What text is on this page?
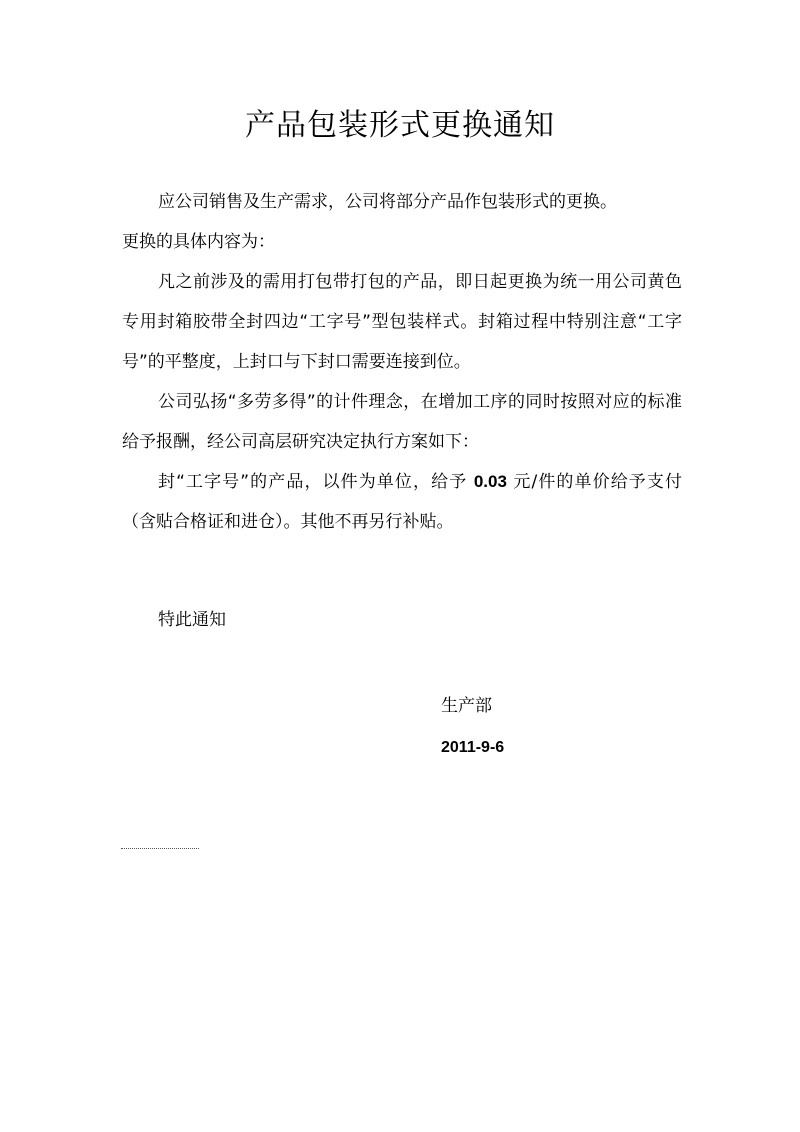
产品包装形式更换通知

应公司销售及生产需求，公司将部分产品作包装形式的更换。

更换的具体内容为：

凡之前涉及的需用打包带打包的产品，即日起更换为统一用公司黄色专用封箱胶带全封四边“工字号”型包装样式。封箱过程中特别注意“工字号”的平整度，上封口与下封口需要连接到位。

公司弘扬“多劳多得”的计件理念，在增加工序的同时按照对应的标准给予报酬，经公司高层研究决定执行方案如下：

封“工字号”的产品，以件为单位，给予 0.03 元/件的单价给予支付（含贴合格证和进仓）。其他不再另行补贴。

特此通知
生产部
2011-9-6
